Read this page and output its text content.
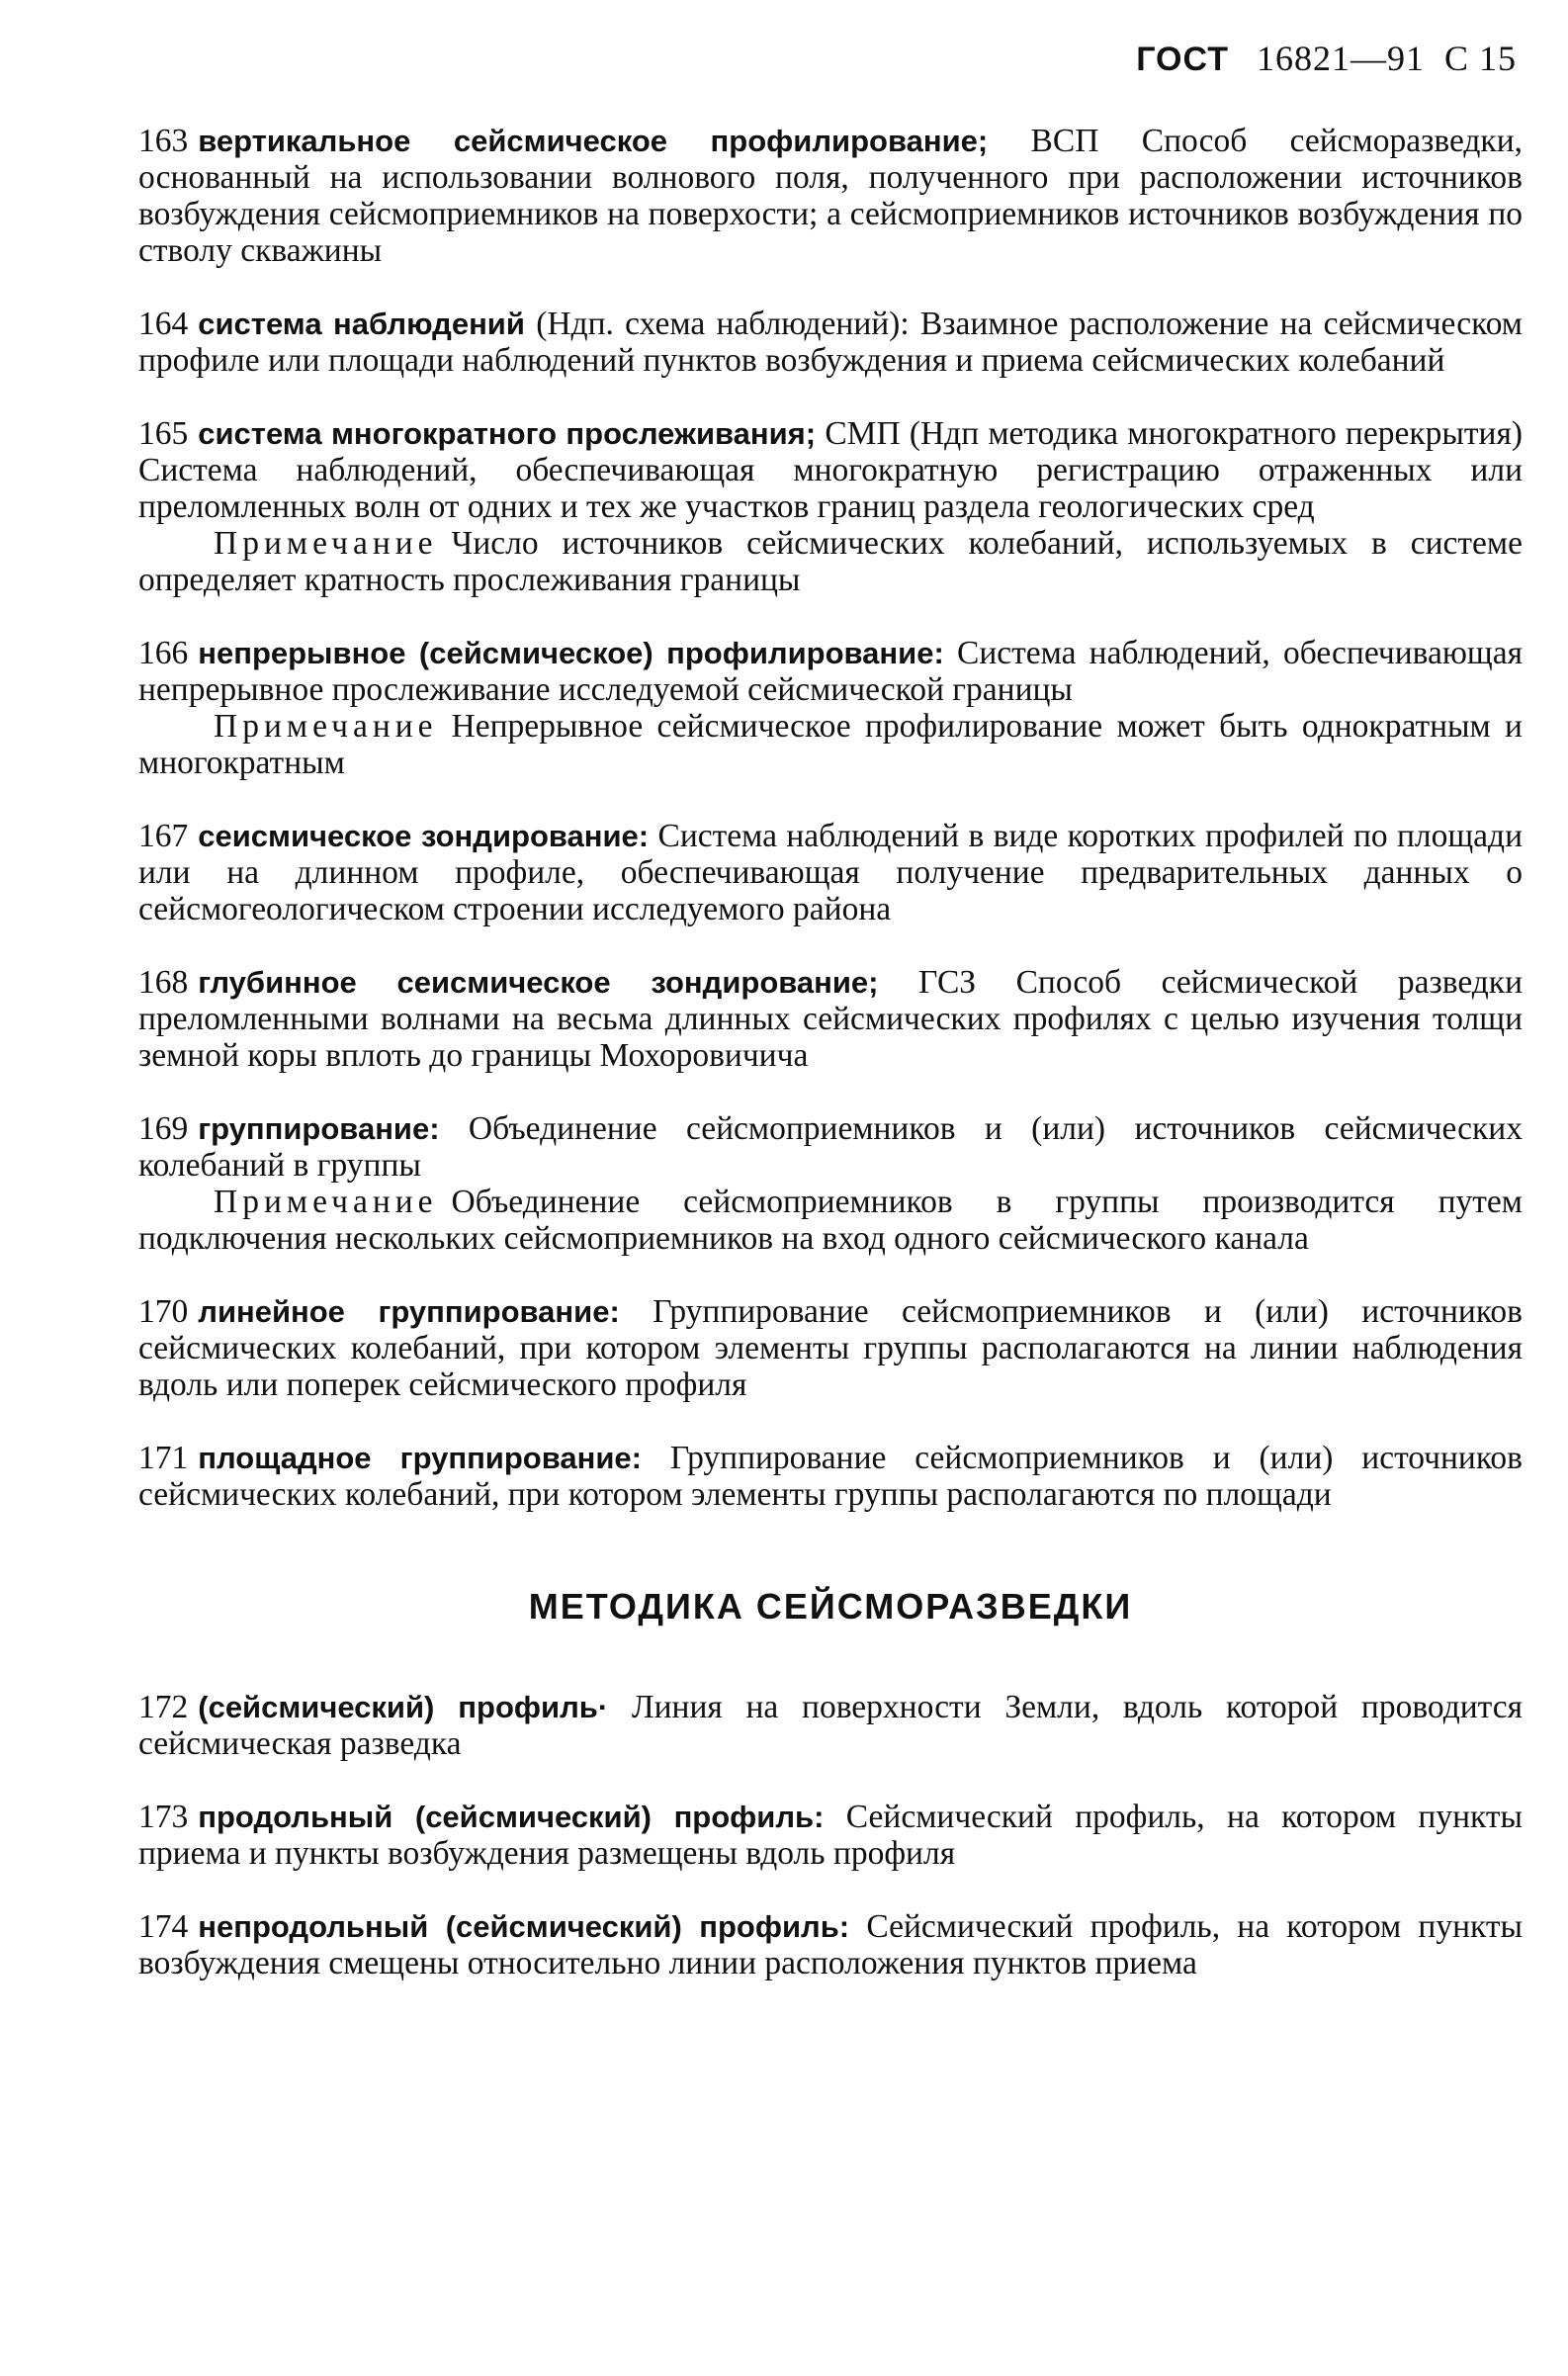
ГОСТ 16821—91 С 15
163 вертикальное сейсмическое профилирование; ВСП Способ сейсморазведки, основанный на использовании волнового поля, полученного при расположении источников возбуждения сейсмоприемников на поверхости; а сейсмоприемников источников возбуждения по стволу скважины
164 система наблюдений (Ндп. схема наблюдений): Взаимное расположение на сейсмическом профиле или площади наблюдений пунктов возбуждения и приема сейсмических колебаний
165 система многократного прослеживания; СМП (Ндп методика многократного перекрытия) Система наблюдений, обеспечивающая многократную регистрацию отраженных или преломленных волн от одних и тех же участков границ раздела геологических сред

Примечание Число источников сейсмических колебаний, используемых в системе определяет кратность прослеживания границы

166 непрерывное (сейсмическое) профилирование: Система наблюдений, обеспечивающая непрерывное прослеживание исследуемой сейсмической границы

Примечание Непрерывное сейсмическое профилирование может быть однократным и многократным

167 сеисмическое зондирование: Система наблюдений в виде коротких профилей по площади или на длинном профиле, обеспечивающая получение предварительных данных о сейсмогеологическом строении исследуемого района
168 глубинное сеисмическое зондирование; ГСЗ Способ сейсмической разведки преломленными волнами на весьма длинных сейсмических профилях с целью изучения толщи земной коры вплоть до границы Мохоровичича
169 группирование: Объединение сейсмоприемников и (или) источников сейсмических колебаний в группы

Примечание Объединение сейсмоприемников в группы производится путем подключения нескольких сейсмоприемников на вход одного сейсмического канала

170 линейное группирование: Группирование сейсмоприемников и (или) источников сейсмических колебаний, при котором элементы группы располагаются на линии наблюдения вдоль или поперек сейсмического профиля
171 площадное группирование: Группирование сейсмоприемников и (или) источников сейсмических колебаний, при котором элементы группы располагаются по площади
МЕТОДИКА СЕЙСМОРАЗВЕДКИ
172 (сейсмический) профиль· Линия на поверхности Земли, вдоль которой проводится сейсмическая разведка
173 продольный (сейсмический) профиль: Сейсмический профиль, на котором пункты приема и пункты возбуждения размещены вдоль профиля
174 непродольный (сейсмический) профиль: Сейсмический профиль, на котором пункты возбуждения смещены относительно линии расположения пунктов приема
